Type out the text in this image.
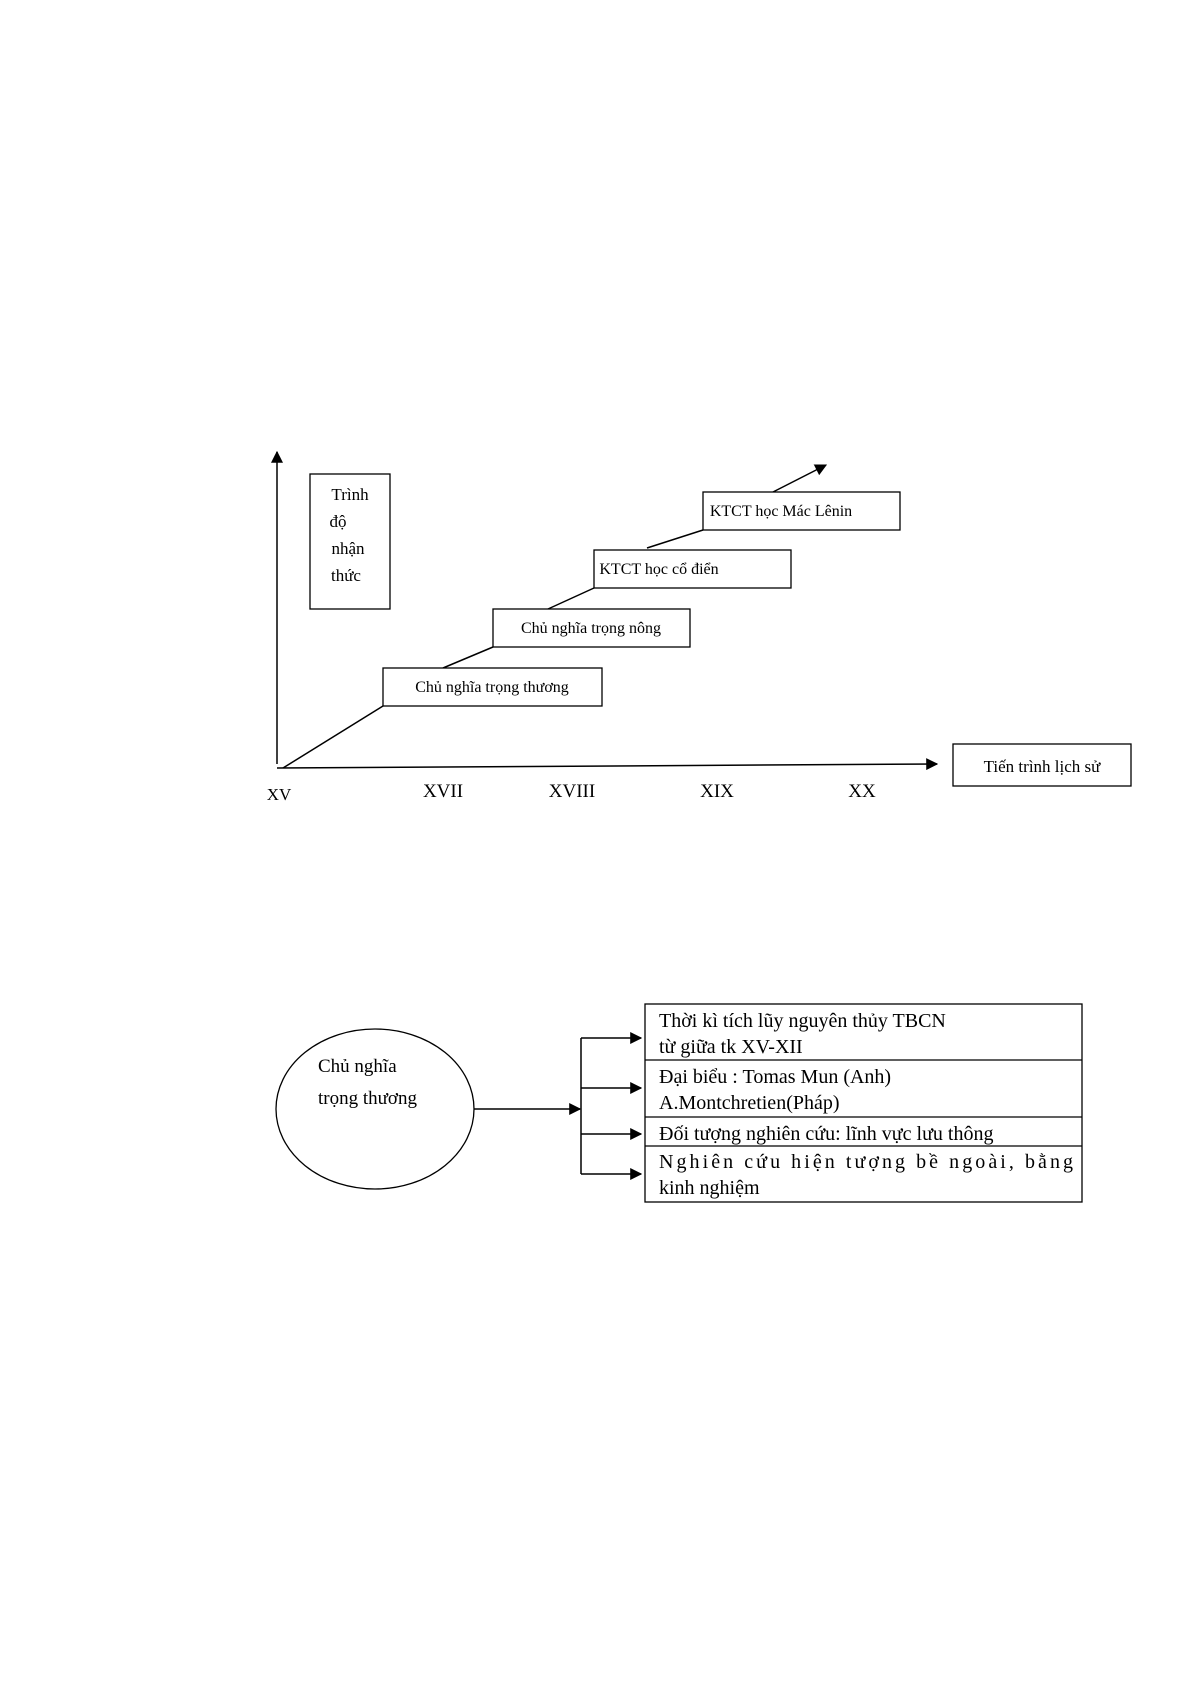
Trình
độ
nhận
thức
Tiến trình lịch sử
XV	XVII	XVIII	XIX	XX
Chủ nghĩa trọng thương
Chủ nghĩa trọng nông
KTCT học cổ điển
KTCT học Mác Lênin
Chủ nghĩa
trọng thương
Thời kì tích lũy nguyên thủy TBCN
từ giữa tk XV-XII
Đại biểu : Tomas Mun (Anh)
A.Montchretien(Pháp)
Đối tượng nghiên cứu: lĩnh vực lưu thông
Nghiên cứu hiện tượng bề ngoài, bằng
kinh nghiệm
